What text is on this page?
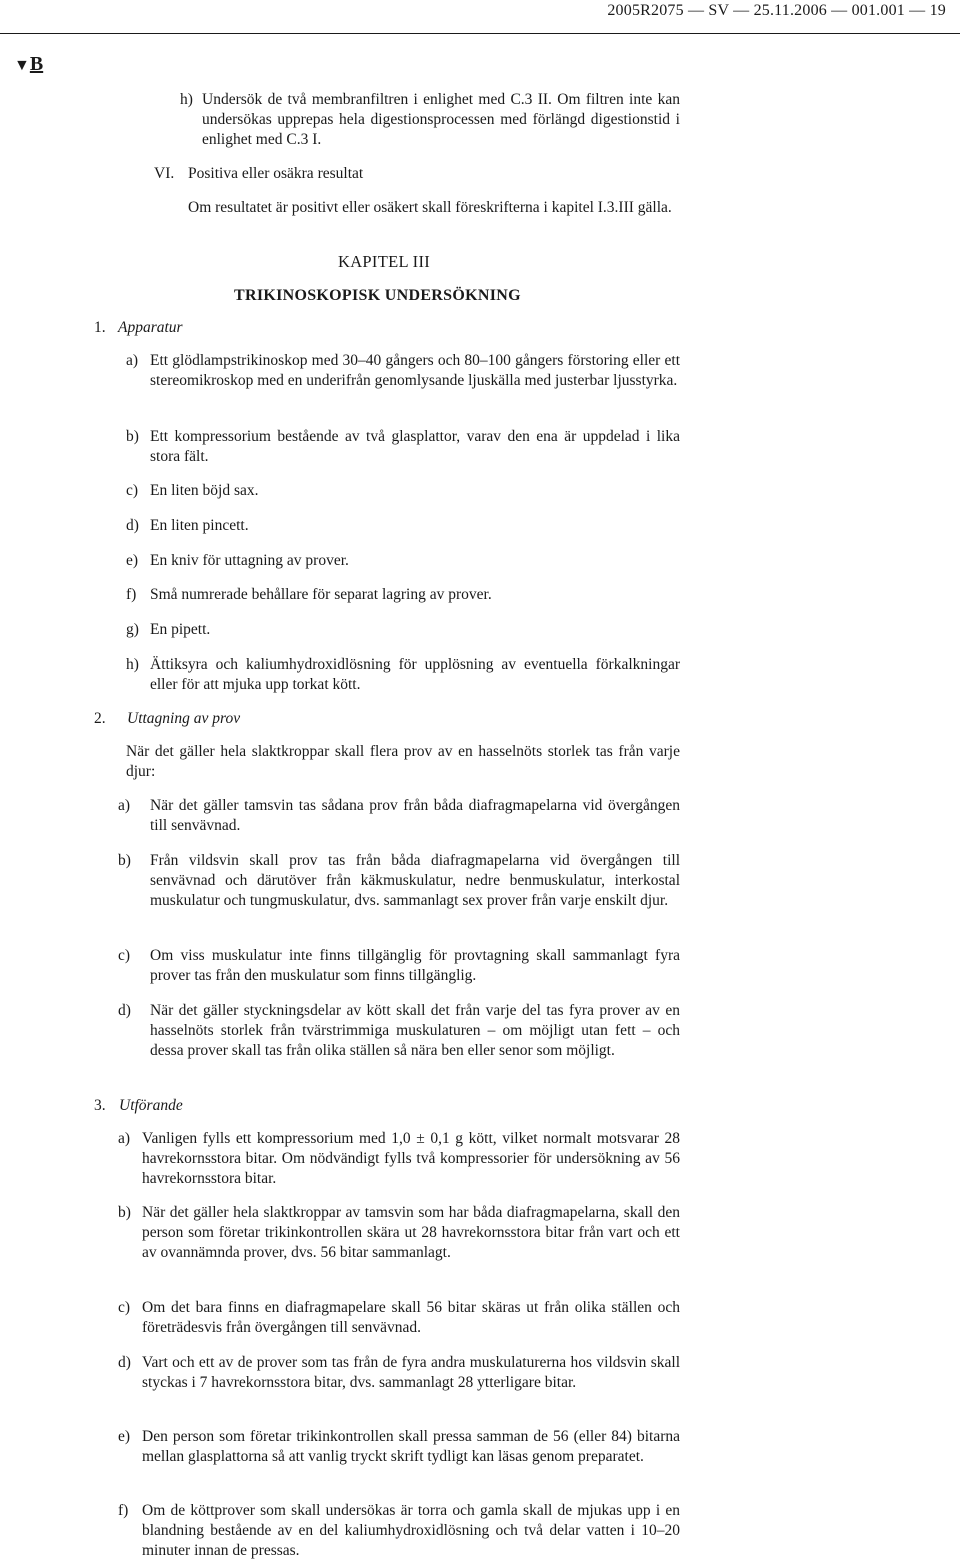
2005R2075 — SV — 25.11.2006 — 001.001 — 19
▼B
h) Undersök de två membranfiltren i enlighet med C.3 II. Om filtren inte kan undersökas upprepas hela digestionsprocessen med förlängd digestionstid i enlighet med C.3 I.
VI. Positiva eller osäkra resultat
Om resultatet är positivt eller osäkert skall föreskrifterna i kapitel I.3.III gälla.
KAPITEL III
TRIKINOSKOPISK UNDERSÖKNING
1. Apparatur
a) Ett glödlampstrikinoskop med 30–40 gångers och 80–100 gångers förstoring eller ett stereomikroskop med en underifrån genomlysande ljuskälla med justerbar ljusstyrka.
b) Ett kompressorium bestående av två glasplattor, varav den ena är uppdelad i lika stora fält.
c) En liten böjd sax.
d) En liten pincett.
e) En kniv för uttagning av prover.
f) Små numrerade behållare för separat lagring av prover.
g) En pipett.
h) Ättiksyra och kaliumhydroxidlösning för upplösning av eventuella förkalkningar eller för att mjuka upp torkat kött.
2. Uttagning av prov
När det gäller hela slaktkroppar skall flera prov av en hasselnöts storlek tas från varje djur:
a)	När det gäller tamsvin tas sådana prov från båda diafragmapelarna vid övergången till senvävnad.
b)	Från vildsvin skall prov tas från båda diafragmapelarna vid övergången till senvävnad och därutöver från käkmuskulatur, nedre benmuskulatur, interkostal muskulatur och tungmuskulatur, dvs. sammanlagt sex prover från varje enskilt djur.
c)	Om viss muskulatur inte finns tillgänglig för provtagning skall sammanlagt fyra prover tas från den muskulatur som finns tillgänglig.
d)	När det gäller styckningsdelar av kött skall det från varje del tas fyra prover av en hasselnöts storlek från tvärstrimmiga muskulaturen – om möjligt utan fett – och dessa prover skall tas från olika ställen så nära ben eller senor som möjligt.
3. Utförande
a) Vanligen fylls ett kompressorium med 1,0 ± 0,1 g kött, vilket normalt motsvarar 28 havrekornsstora bitar. Om nödvändigt fylls två kompressorier för undersökning av 56 havrekornsstora bitar.
b) När det gäller hela slaktkroppar av tamsvin som har båda diafragmapelarna, skall den person som företar trikinkontrollen skära ut 28 havrekornsstora bitar från vart och ett av ovannämnda prover, dvs. 56 bitar sammanlagt.
c) Om det bara finns en diafragmapelare skall 56 bitar skäras ut från olika ställen och företrädesvis från övergången till senvävnad.
d) Vart och ett av de prover som tas från de fyra andra muskulaturerna hos vildsvin skall styckas i 7 havrekornsstora bitar, dvs. sammanlagt 28 ytterligare bitar.
e) Den person som företar trikinkontrollen skall pressa samman de 56 (eller 84) bitarna mellan glasplattorna så att vanlig tryckt skrift tydligt kan läsas genom preparatet.
f) Om de köttprover som skall undersökas är torra och gamla skall de mjukas upp i en blandning bestående av en del kaliumhydroxidlösning och två delar vatten i 10–20 minuter innan de pressas.
